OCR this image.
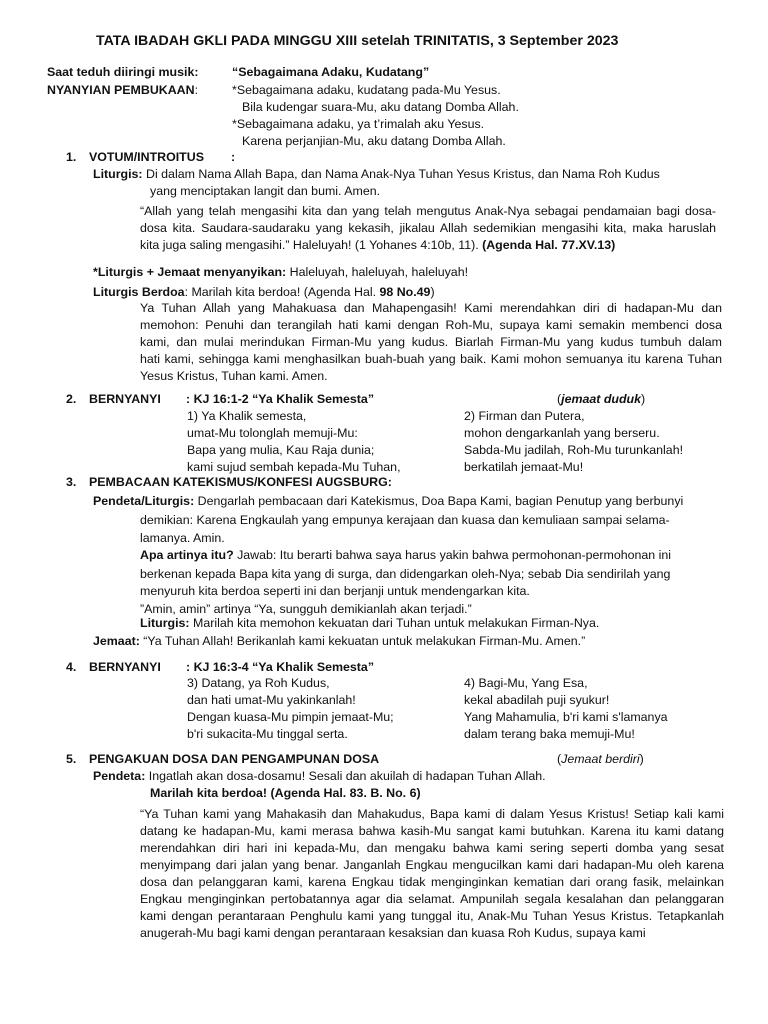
TATA IBADAH GKLI PADA MINGGU XIII setelah TRINITATIS, 3 September 2023
Saat teduh diiringi musik:	“Sebagaimana Adaku, Kudatang”
NYANYIAN PEMBUKAAN:	*Sebagaimana adaku, kudatang pada-Mu Yesus.
Bila kudengar suara-Mu, aku datang Domba Allah.
*Sebagaimana adaku, ya t’rimalah aku Yesus.
Karena perjanjian-Mu, aku datang Domba Allah.
1. VOTUM/INTROITUS :
Liturgis: Di dalam Nama Allah Bapa, dan Nama Anak-Nya Tuhan Yesus Kristus, dan Nama Roh Kudus
yang menciptakan langit dan bumi. Amen.
“Allah yang telah mengasihi kita dan yang telah mengutus Anak-Nya sebagai pendamaian bagi dosa-
dosa kita. Saudara-saudaraku yang kekasih, jikalau Allah sedemikian mengasihi kita, maka haruslah
kita juga saling mengasihi.” Haleluyah! (1 Yohanes 4:10b, 11). (Agenda Hal. 77.XV.13)
*Liturgis + Jemaat menyanyikan: Haleluyah, haleluyah, haleluyah!
Liturgis Berdoa: Marilah kita berdoa! (Agenda Hal. 98 No.49)
Ya Tuhan Allah yang Mahakuasa dan Mahapengasih! Kami merendahkan diri di hadapan-Mu dan
memohon: Penuhi dan terangilah hati kami dengan Roh-Mu, supaya kami semakin membenci dosa
kami, dan mulai merindukan Firman-Mu yang kudus. Biarlah Firman-Mu yang kudus tumbuh dalam
hati kami, sehingga kami menghasilkan buah-buah yang baik. Kami mohon semuanya itu karena Tuhan
Yesus Kristus, Tuhan kami. Amen.
2. BERNYANYI : KJ 16:1-2 “Ya Khalik Semesta”	(jemaat duduk)
1) Ya Khalik semesta,
umat-Mu tolonglah memuji-Mu:
Bapa yang mulia, Kau Raja dunia;
kami sujud sembah kepada-Mu Tuhan,
2) Firman dan Putera,
mohon dengarkanlah yang berseru.
Sabda-Mu jadilah, Roh-Mu turunkanlah!
berkatilah jemaat-Mu!
3. PEMBACAAN KATEKISMUS/KONFESI AUGSBURG:
Pendeta/Liturgis: Dengarlah pembacaan dari Katekismus, Doa Bapa Kami, bagian Penutup yang berbunyi
demikian: Karena Engkaulah yang empunya kerajaan dan kuasa dan kemuliaan sampai selama-
lamanya. Amin.
Apa artinya itu? Jawab: Itu berarti bahwa saya harus yakin bahwa permohonan-permohonan ini
berkenan kepada Bapa kita yang di surga, dan didengarkan oleh-Nya; sebab Dia sendirilah yang
menyuruh kita berdoa seperti ini dan berjanji untuk mendengarkan kita.
”Amin, amin” artinya “Ya, sungguh demikianlah akan terjadi.”
Liturgis: Marilah kita memohon kekuatan dari Tuhan untuk melakukan Firman-Nya.
Jemaat: “Ya Tuhan Allah! Berikanlah kami kekuatan untuk melakukan Firman-Mu. Amen.”
4. BERNYANYI : KJ 16:3-4 “Ya Khalik Semesta”
3) Datang, ya Roh Kudus,
dan hati umat-Mu yakinkanlah!
Dengan kuasa-Mu pimpin jemaat-Mu;
b'ri sukacita-Mu tinggal serta.
4) Bagi-Mu, Yang Esa,
kekal abadilah puji syukur!
Yang Mahamulia, b'ri kami s'lamanya
dalam terang baka memuji-Mu!
5. PENGAKUAN DOSA DAN PENGAMPUNAN DOSA	(Jemaat berdiri)
Pendeta: Ingatlah akan dosa-dosamu! Sesali dan akuilah di hadapan Tuhan Allah.
Marilah kita berdoa! (Agenda Hal. 83. B. No. 6)
“Ya Tuhan kami yang Mahakasih dan Mahakudus, Bapa kami di dalam Yesus Kristus! Setiap kali kami
datang ke hadapan-Mu, kami merasa bahwa kasih-Mu sangat kami butuhkan. Karena itu kami datang
merendahkan diri hari ini kepada-Mu, dan mengaku bahwa kami sering seperti domba yang sesat
menyimpang dari jalan yang benar. Janganlah Engkau mengucilkan kami dari hadapan-Mu oleh karena
dosa dan pelanggaran kami, karena Engkau tidak menginginkan kematian dari orang fasik, melainkan
Engkau menginginkan pertobatannya agar dia selamat. Ampunilah segala kesalahan dan pelanggaran
kami dengan perantaraan Penghulu kami yang tunggal itu, Anak-Mu Tuhan Yesus Kristus. Tetapkanlah
anugerah-Mu bagi kami dengan perantaraan kesaksian dan kuasa Roh Kudus, supaya kami
